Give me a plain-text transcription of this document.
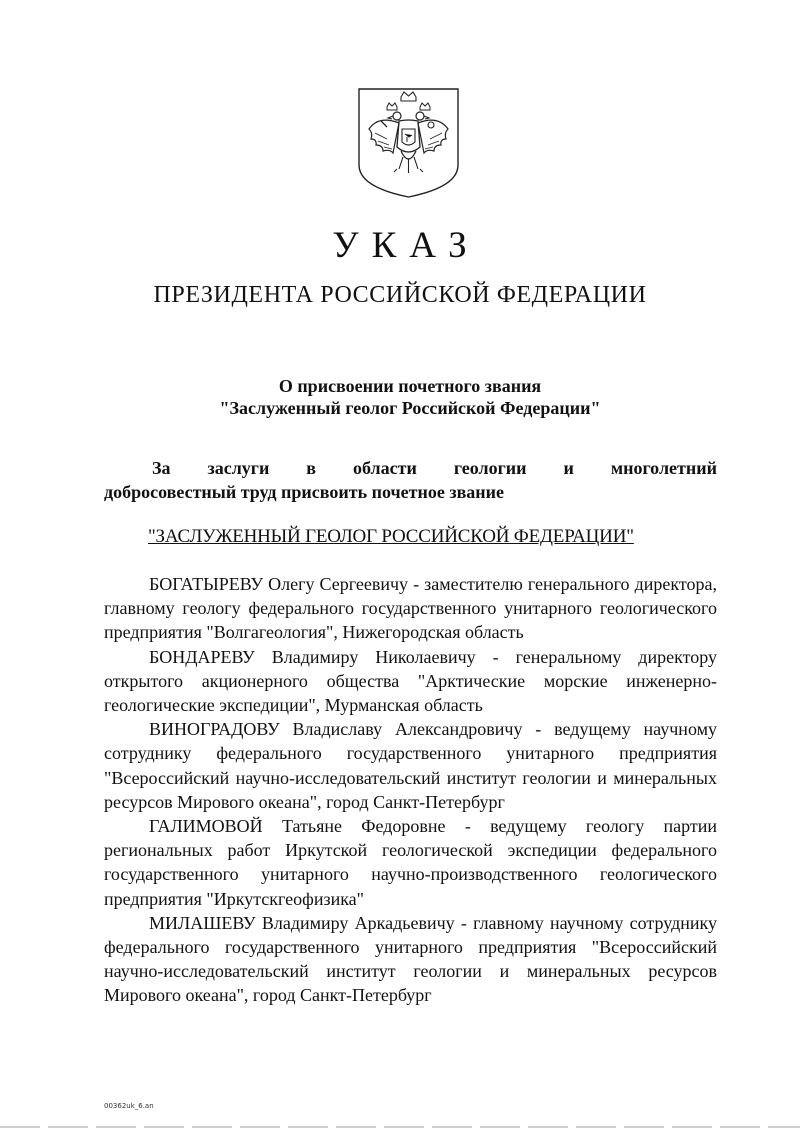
УКАЗ
ПРЕЗИДЕНТА РОССИЙСКОЙ ФЕДЕРАЦИИ
О присвоении почетного звания
"Заслуженный геолог Российской Федерации"
За заслуги в области геологии и многолетний
добросовестный труд присвоить почетное звание
"ЗАСЛУЖЕННЫЙ ГЕОЛОГ РОССИЙСКОЙ ФЕДЕРАЦИИ"

БОГАТЫРЕВУ Олегу Сергеевичу - заместителю генерального директора, главному геологу федерального государственного унитарного геологического предприятия "Волгагеология", Нижегородская область

БОНДАРЕВУ Владимиру Николаевичу - генеральному директору открытого акционерного общества "Арктические морские инженерно-геологические экспедиции", Мурманская область

ВИНОГРАДОВУ Владиславу Александровичу - ведущему научному сотруднику федерального государственного унитарного предприятия "Всероссийский научно-исследовательский институт геологии и минеральных ресурсов Мирового океана", город Санкт-Петербург

ГАЛИМОВОЙ Татьяне Федоровне - ведущему геологу партии региональных работ Иркутской геологической экспедиции федерального государственного унитарного научно-производственного геологического предприятия "Иркутскгеофизика"

МИЛАШЕВУ Владимиру Аркадьевичу - главному научному сотруднику федерального государственного унитарного предприятия "Всероссийский научно-исследовательский институт геологии и минеральных ресурсов Мирового океана", город Санкт-Петербург

00362uk_6.an
